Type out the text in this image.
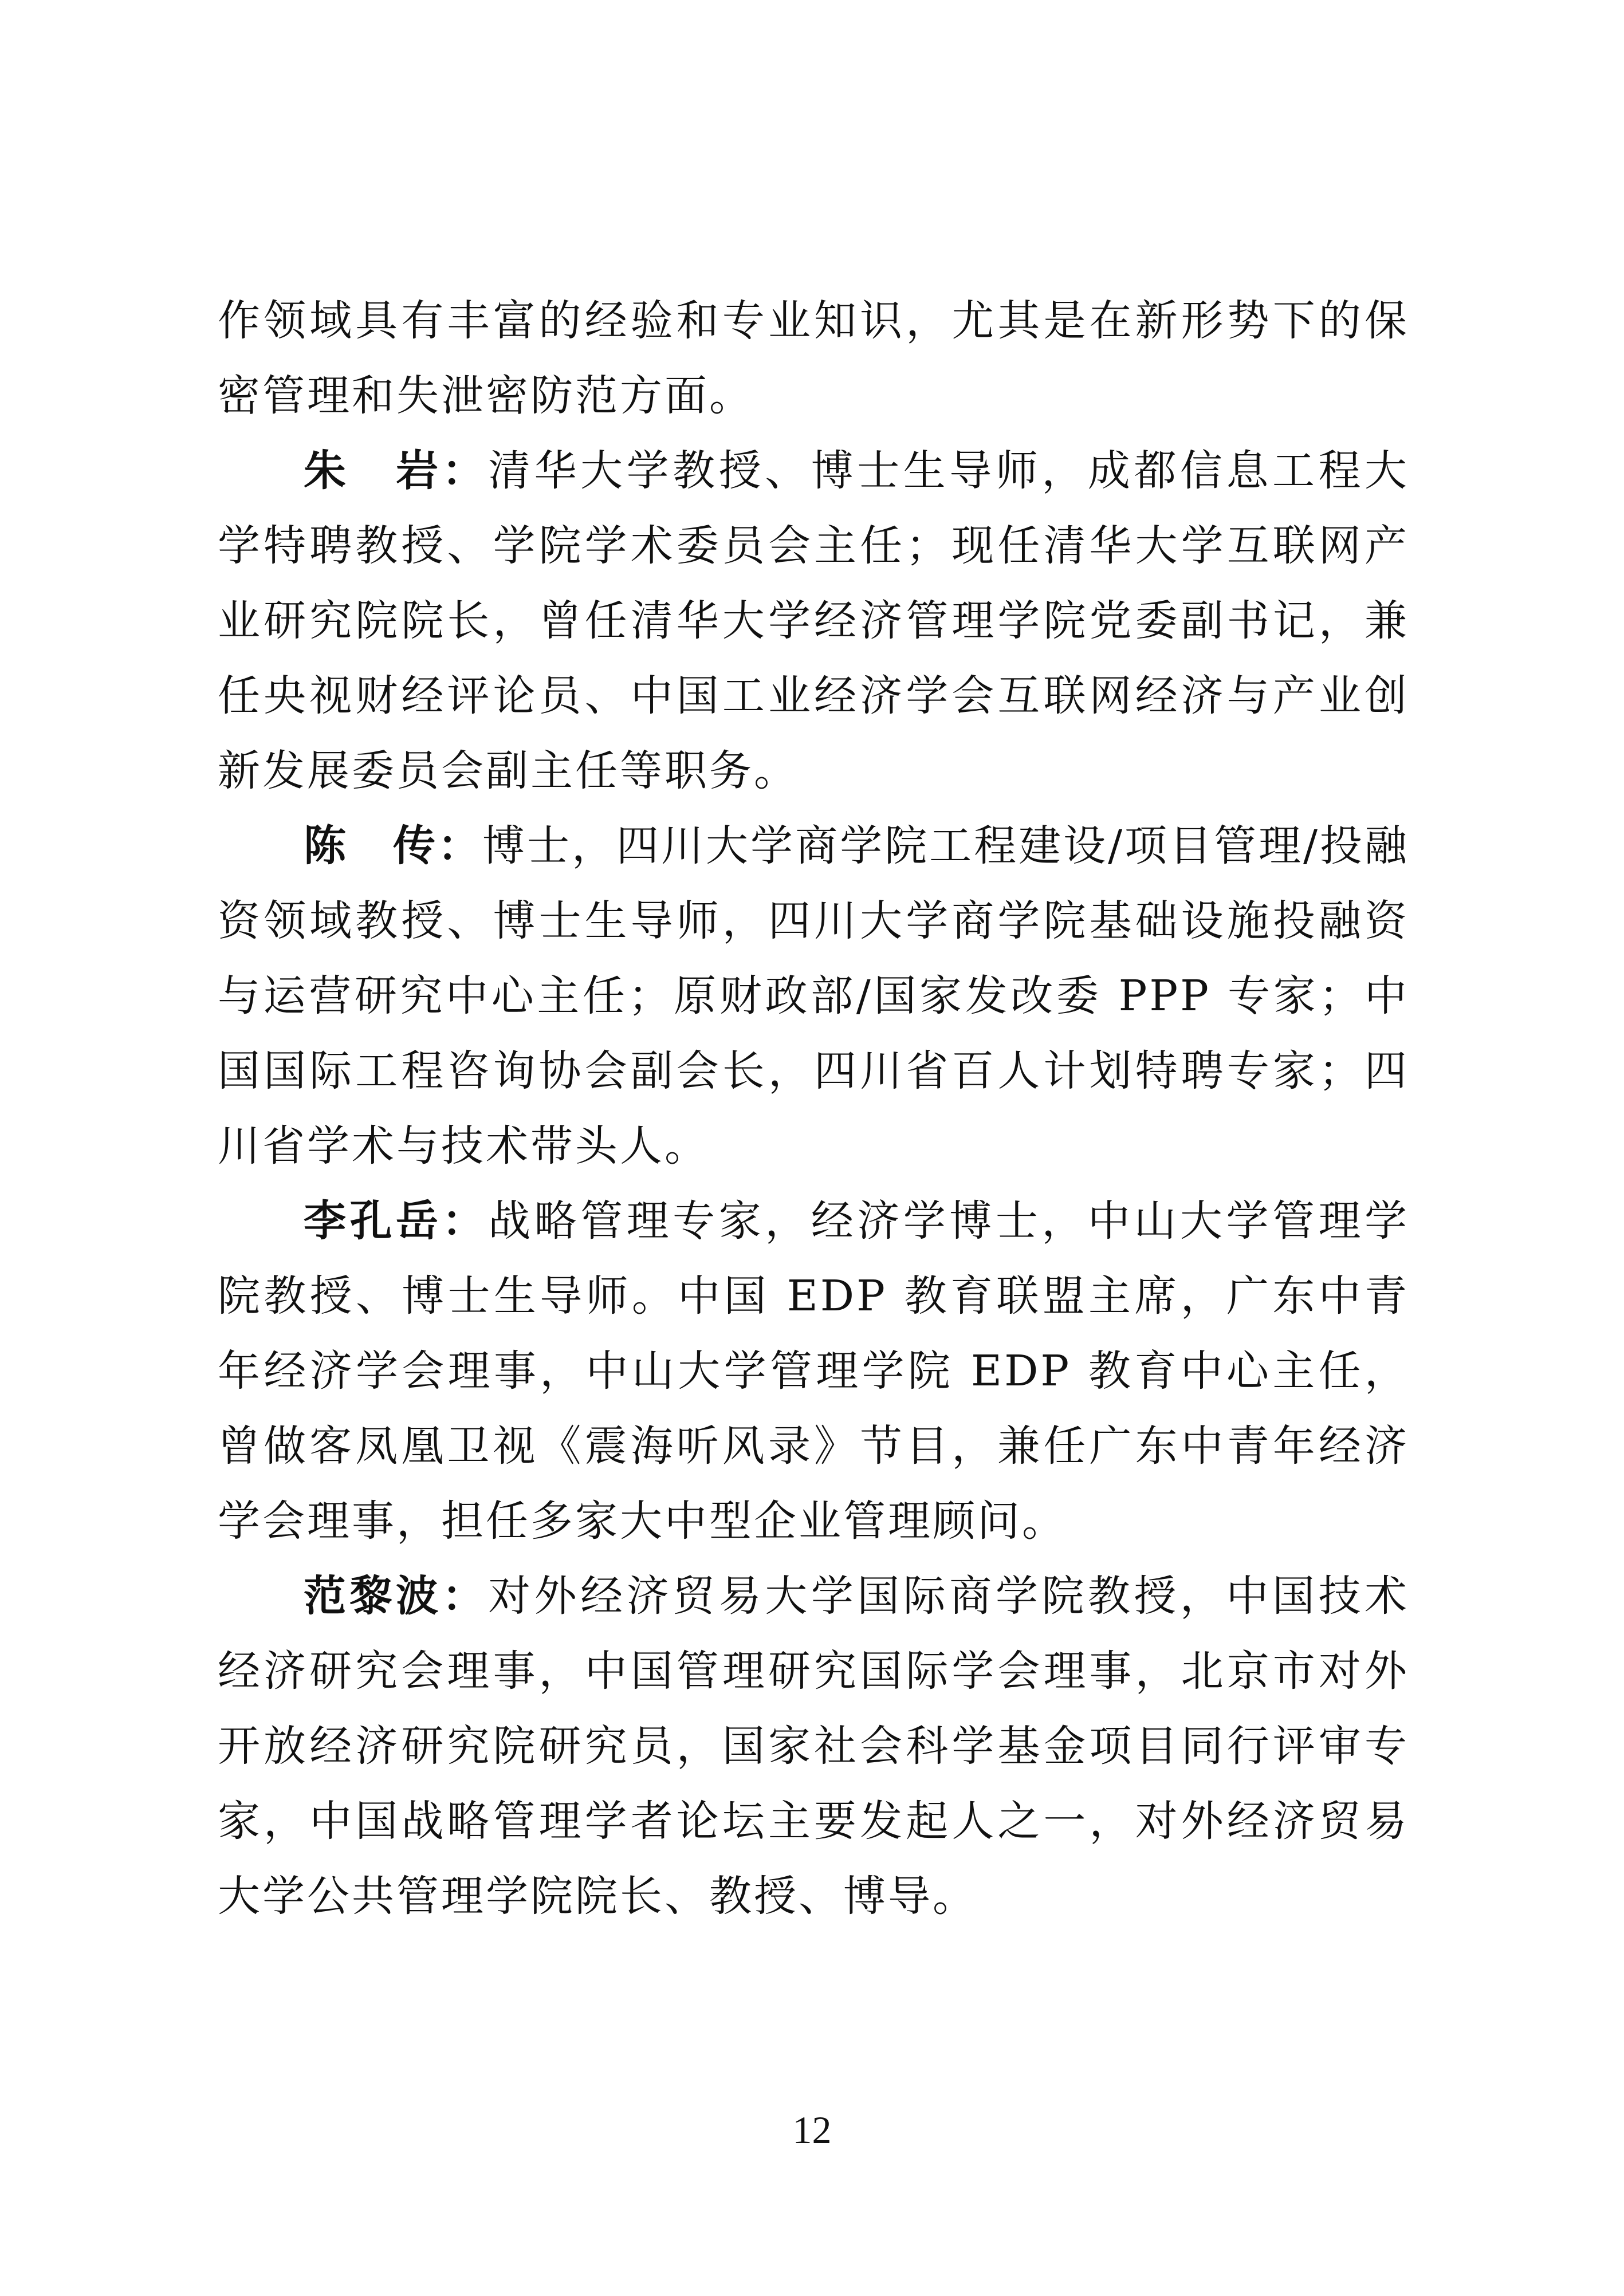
作领域具有丰富的经验和专业知识，尤其是在新形势下的保密管理和失泄密防范方面。

朱　岩：清华大学教授、博士生导师，成都信息工程大学特聘教授、学院学术委员会主任；现任清华大学互联网产业研究院院长，曾任清华大学经济管理学院党委副书记，兼任央视财经评论员、中国工业经济学会互联网经济与产业创新发展委员会副主任等职务。

陈　传：博士，四川大学商学院工程建设/项目管理/投融资领域教授、博士生导师，四川大学商学院基础设施投融资与运营研究中心主任；原财政部/国家发改委 PPP 专家；中国国际工程咨询协会副会长，四川省百人计划特聘专家；四川省学术与技术带头人。

李孔岳：战略管理专家，经济学博士，中山大学管理学院教授、博士生导师。中国 EDP 教育联盟主席，广东中青年经济学会理事，中山大学管理学院 EDP 教育中心主任，曾做客凤凰卫视《震海听风录》节目，兼任广东中青年经济学会理事，担任多家大中型企业管理顾问。

范黎波：对外经济贸易大学国际商学院教授，中国技术经济研究会理事，中国管理研究国际学会理事，北京市对外开放经济研究院研究员，国家社会科学基金项目同行评审专家，中国战略管理学者论坛主要发起人之一，对外经济贸易大学公共管理学院院长、教授、博导。

12
